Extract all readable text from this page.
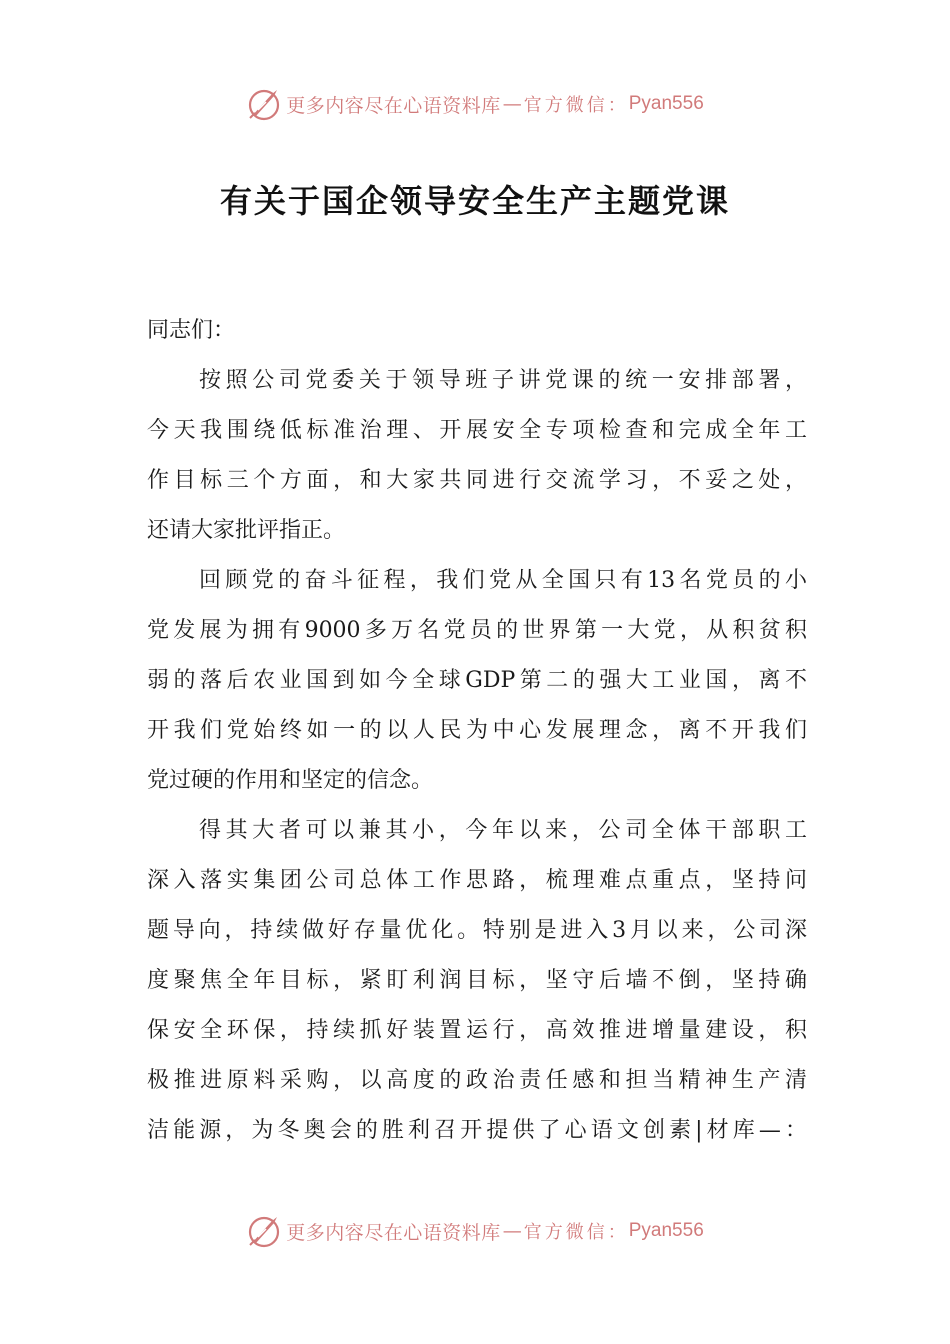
更多内容尽在心语资料库 — 官方微信： Pyan556
有关于国企领导安全生产主题党课
同志们：
按照公司党委关于领导班子讲党课的统一安排部署，
今天我围绕低标准治理、开展安全专项检查和完成全年工
作目标三个方面，和大家共同进行交流学习，不妥之处，
还请大家批评指正。
回顾党的奋斗征程，我们党从全国只有13名党员的小
党发展为拥有9000多万名党员的世界第一大党，从积贫积
弱的落后农业国到如今全球GDP第二的强大工业国，离不
开我们党始终如一的以人民为中心发展理念，离不开我们
党过硬的作用和坚定的信念。
得其大者可以兼其小，今年以来，公司全体干部职工
深入落实集团公司总体工作思路，梳理难点重点，坚持问
题导向，持续做好存量优化。特别是进入3月以来，公司深
度聚焦全年目标，紧盯利润目标，坚守后墙不倒，坚持确
保安全环保，持续抓好装置运行，高效推进增量建设，积
极推进原料采购，以高度的政治责任感和担当精神生产清
洁能源，为冬奥会的胜利召开提供了心语文创素|材库—：
更多内容尽在心语资料库 — 官方微信： Pyan556
